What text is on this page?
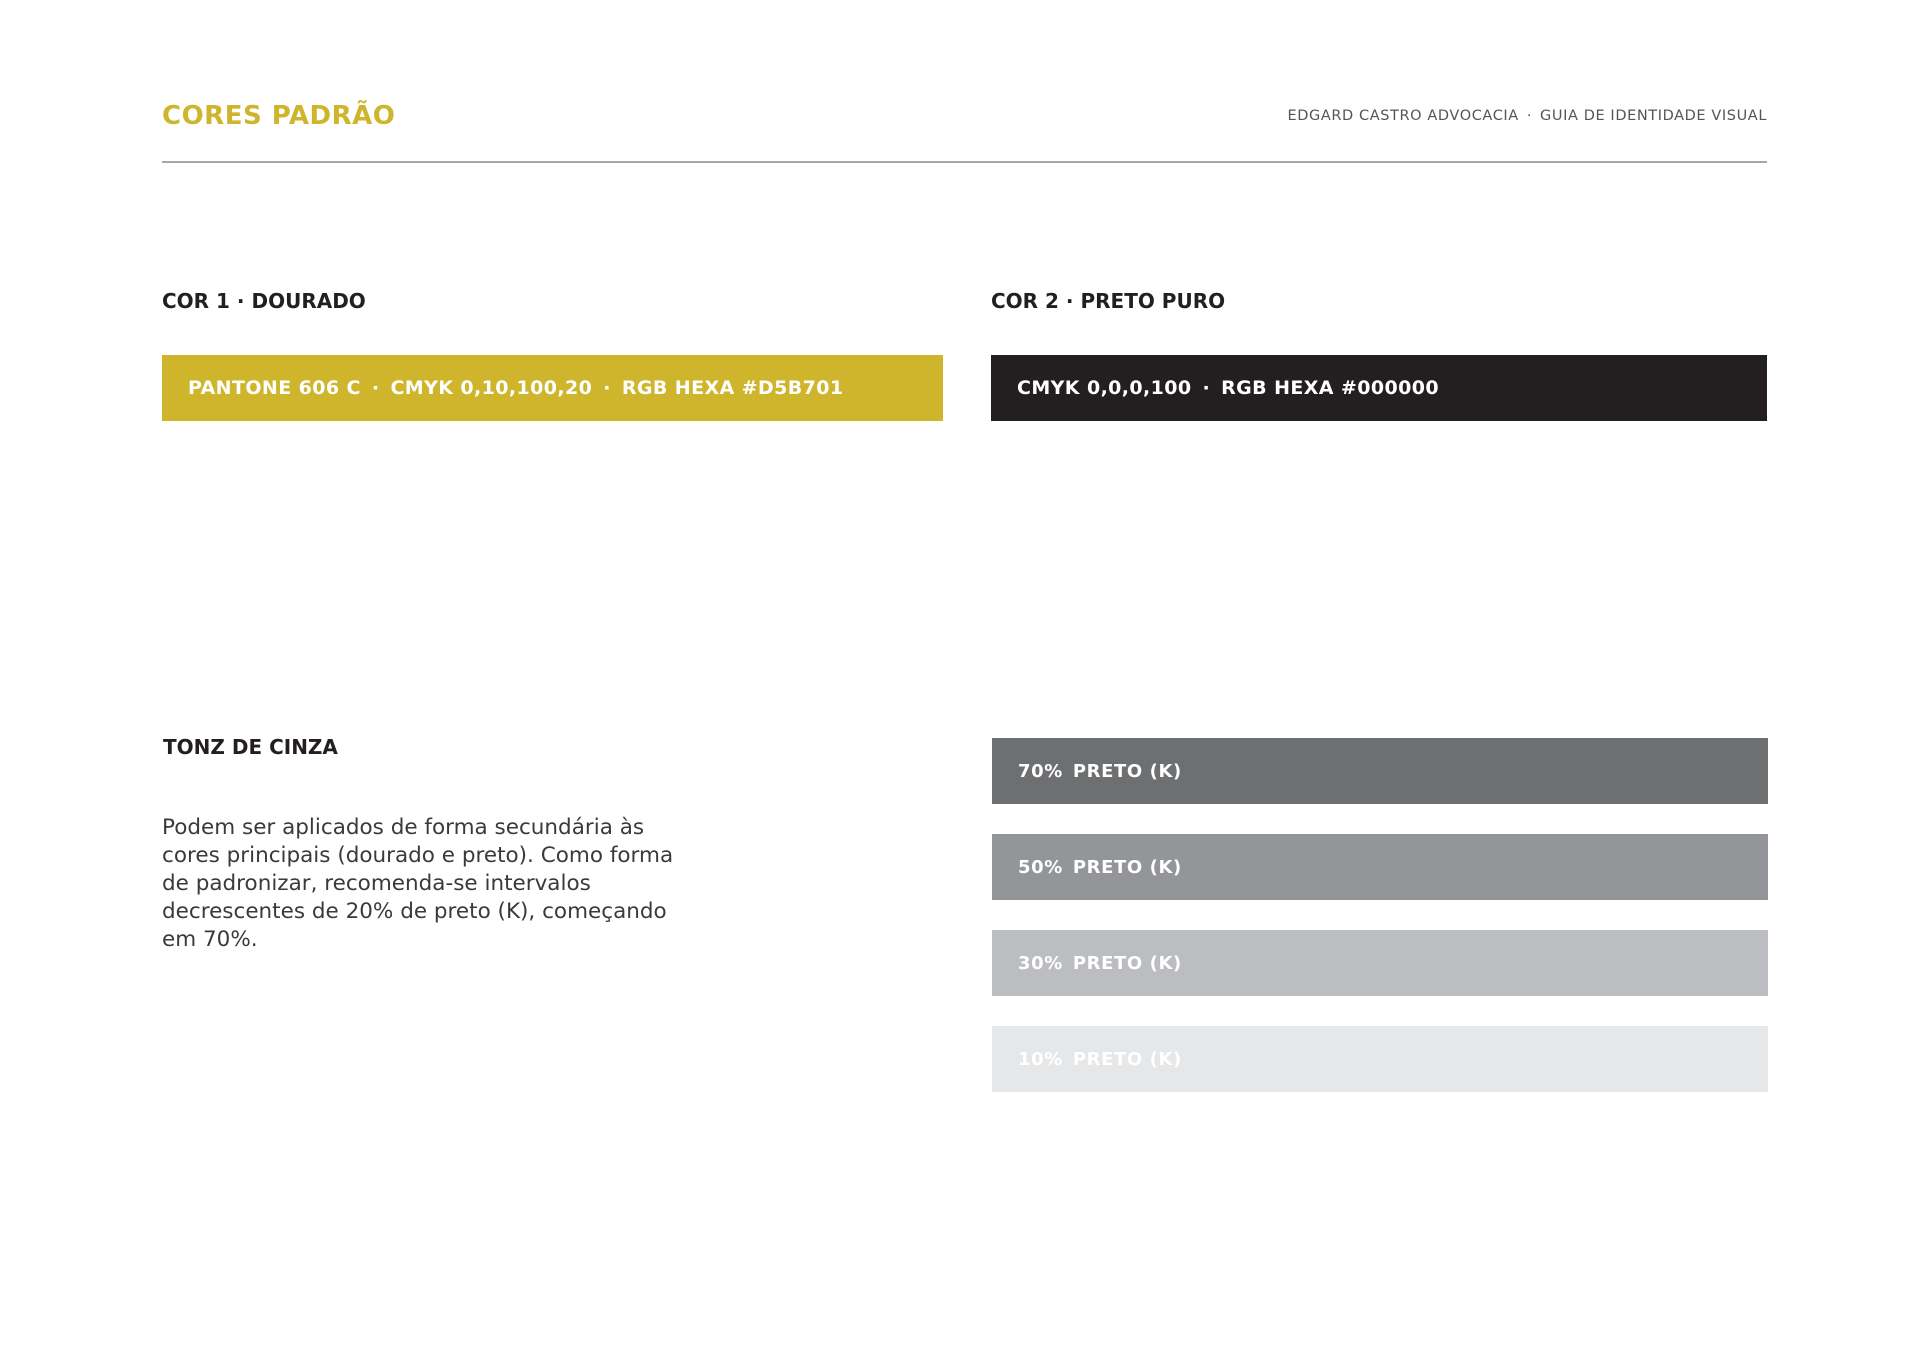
CORES PADRÃO	EDGARD CASTRO ADVOCACIA · GUIA DE IDENTIDADE VISUAL
COR 1 · DOURADO
PANTONE 606 C · CMYK 0,10,100,20 · RGB HEXA #D5B701
COR 2 · PRETO PURO
CMYK 0,0,0,100 · RGB HEXA #000000
TONZ DE CINZA

Podem ser aplicados de forma secundária às cores principais (dourado e preto). Como forma de padronizar, recomenda-se intervalos decrescentes de 20% de preto (K), começando em 70%.

70% PRETO (K)
50% PRETO (K)
30% PRETO (K)
10% PRETO (K)
